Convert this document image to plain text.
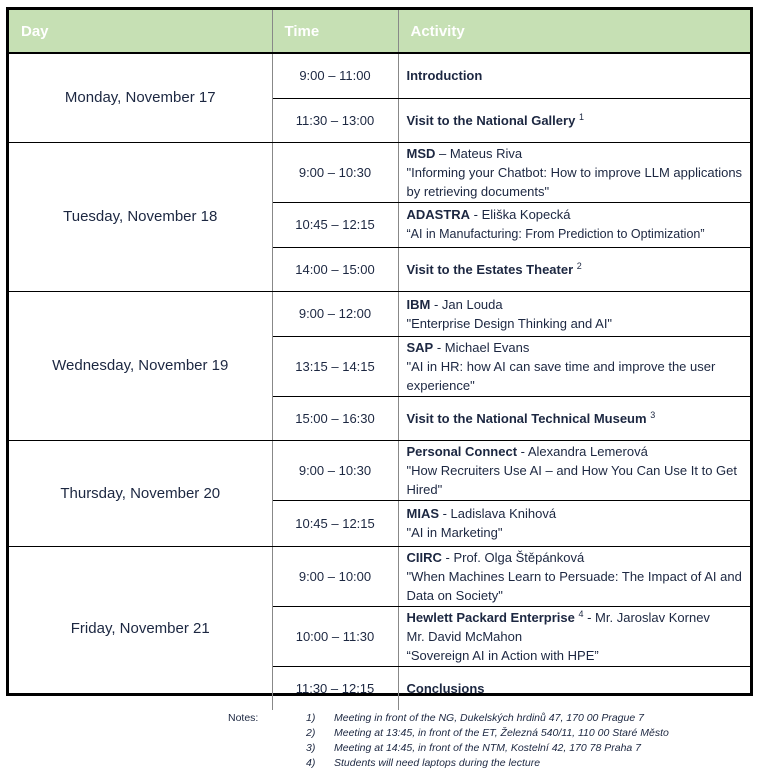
Day	Time	Activity
Monday, November 17	9:00 – 11:00	Introduction
	11:30 – 13:00	Visit to the National Gallery $^1$
Tuesday, November 18	9:00 – 10:30	MSD – Mateus Riva
"Informing your Chatbot: How to improve LLM applications by retrieving documents"
	10:45 – 12:15	ADASTRA - Eliška Kopecká
“AI in Manufacturing: From Prediction to Optimization”
	14:00 – 15:00	Visit to the Estates Theater $^2$
Wednesday, November 19	9:00 – 12:00	IBM - Jan Louda
"Enterprise Design Thinking and AI"
	13:15 – 14:15	SAP - Michael Evans
"AI in HR: how AI can save time and improve the user experience"
	15:00 – 16:30	Visit to the National Technical Museum $^3$
Thursday, November 20	9:00 – 10:30	Personal Connect - Alexandra Lemerová
"How Recruiters Use AI – and How You Can Use It to Get Hired"
	10:45 – 12:15	MIAS - Ladislava Knihová
"AI in Marketing"
Friday, November 21	9:00 – 10:00	CIIRC - Prof. Olga Štěpánková
"When Machines Learn to Persuade: The Impact of AI and Data on Society"
	10:00 – 11:30	Hewlett Packard Enterprise $^4$ - Mr. Jaroslav Kornev
Mr. David McMahon
“Sovereign AI in Action with HPE”
	11:30 – 12:15	Conclusions
Notes:	1) Meeting in front of the NG, Dukelských hrdinů 47, 170 00 Prague 7
2) Meeting at 13:45, in front of the ET, Železná 540/11, 110 00 Staré Město
3) Meeting at 14:45, in front of the NTM, Kostelní 42, 170 78 Praha 7
4) Students will need laptops during the lecture
